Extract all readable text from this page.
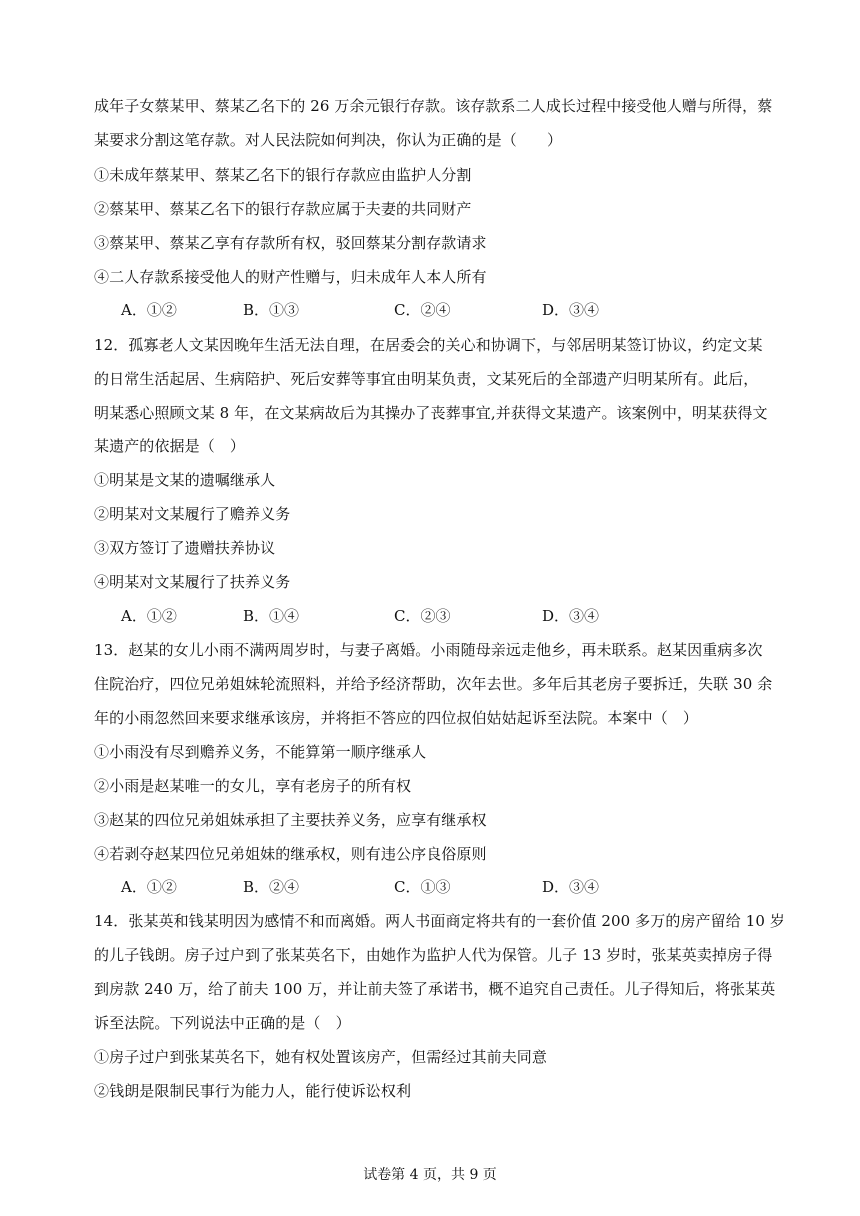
成年子女蔡某甲、蔡某乙名下的 26 万余元银行存款。该存款系二人成长过程中接受他人赠与所得，蔡
某要求分割这笔存款。对人民法院如何判决，你认为正确的是（　　）
①未成年蔡某甲、蔡某乙名下的银行存款应由监护人分割
②蔡某甲、蔡某乙名下的银行存款应属于夫妻的共同财产
③蔡某甲、蔡某乙享有存款所有权，驳回蔡某分割存款请求
④二人存款系接受他人的财产性赠与，归未成年人本人所有
A．①②	B．①③	C．②④	D．③④
12．孤寡老人文某因晚年生活无法自理，在居委会的关心和协调下，与邻居明某签订协议，约定文某
的日常生活起居、生病陪护、死后安葬等事宜由明某负责，文某死后的全部遗产归明某所有。此后，
明某悉心照顾文某 8 年，在文某病故后为其操办了丧葬事宜,并获得文某遗产。该案例中，明某获得文
某遗产的依据是（　）
①明某是文某的遗嘱继承人
②明某对文某履行了赡养义务
③双方签订了遗赠扶养协议
④明某对文某履行了扶养义务
A．①②	B．①④	C．②③	D．③④
13．赵某的女儿小雨不满两周岁时，与妻子离婚。小雨随母亲远走他乡，再未联系。赵某因重病多次
住院治疗，四位兄弟姐妹轮流照料，并给予经济帮助，次年去世。多年后其老房子要拆迁，失联 30 余
年的小雨忽然回来要求继承该房，并将拒不答应的四位叔伯姑姑起诉至法院。本案中（　）
①小雨没有尽到赡养义务，不能算第一顺序继承人
②小雨是赵某唯一的女儿，享有老房子的所有权
③赵某的四位兄弟姐妹承担了主要扶养义务，应享有继承权
④若剥夺赵某四位兄弟姐妹的继承权，则有违公序良俗原则
A．①②	B．②④	C．①③	D．③④
14．张某英和钱某明因为感情不和而离婚。两人书面商定将共有的一套价值 200 多万的房产留给 10 岁
的儿子钱朗。房子过户到了张某英名下，由她作为监护人代为保管。儿子 13 岁时，张某英卖掉房子得
到房款 240 万，给了前夫 100 万，并让前夫签了承诺书，概不追究自己责任。儿子得知后，将张某英
诉至法院。下列说法中正确的是（　）
①房子过户到张某英名下，她有权处置该房产，但需经过其前夫同意
②钱朗是限制民事行为能力人，能行使诉讼权利
试卷第 4 页，共 9 页
